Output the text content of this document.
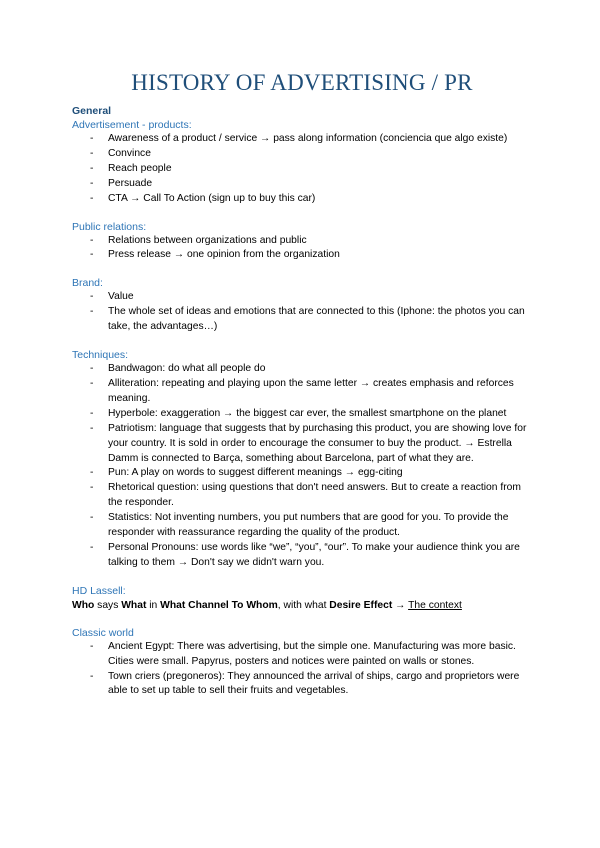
HISTORY OF ADVERTISING / PR

General

Advertisement - products:

- Awareness of a product / service → pass along information (conciencia que algo existe)
- Convince
- Reach people
- Persuade
- CTA → Call To Action (sign up to buy this car)

Public relations:

- Relations between organizations and public
- Press release → one opinion from the organization

Brand:

- Value
- The whole set of ideas and emotions that are connected to this (Iphone: the photos you can take, the advantages…)

Techniques:

- Bandwagon: do what all people do
- Alliteration: repeating and playing upon the same letter → creates emphasis and reforces meaning.
- Hyperbole: exaggeration → the biggest car ever, the smallest smartphone on the planet
- Patriotism: language that suggests that by purchasing this product, you are showing love for your country. It is sold in order to encourage the consumer to buy the product. → Estrella Damm is connected to Barça, something about Barcelona, part of what they are.
- Pun: A play on words to suggest different meanings → egg-citing
- Rhetorical question: using questions that don't need answers. But to create a reaction from the responder.
- Statistics: Not inventing numbers, you put numbers that are good for you. To provide the responder with reassurance regarding the quality of the product.
- Personal Pronouns: use words like “we”, “you”, “our”. To make your audience think you are talking to them → Don't say we didn't warn you.

HD Lassell:

Who says What in What Channel To Whom, with what Desire Effect → The context

Classic world

- Ancient Egypt: There was advertising, but the simple one. Manufacturing was more basic. Cities were small. Papyrus, posters and notices were painted on walls or stones.
- Town criers (pregoneros): They announced the arrival of ships, cargo and proprietors were able to set up table to sell their fruits and vegetables.
